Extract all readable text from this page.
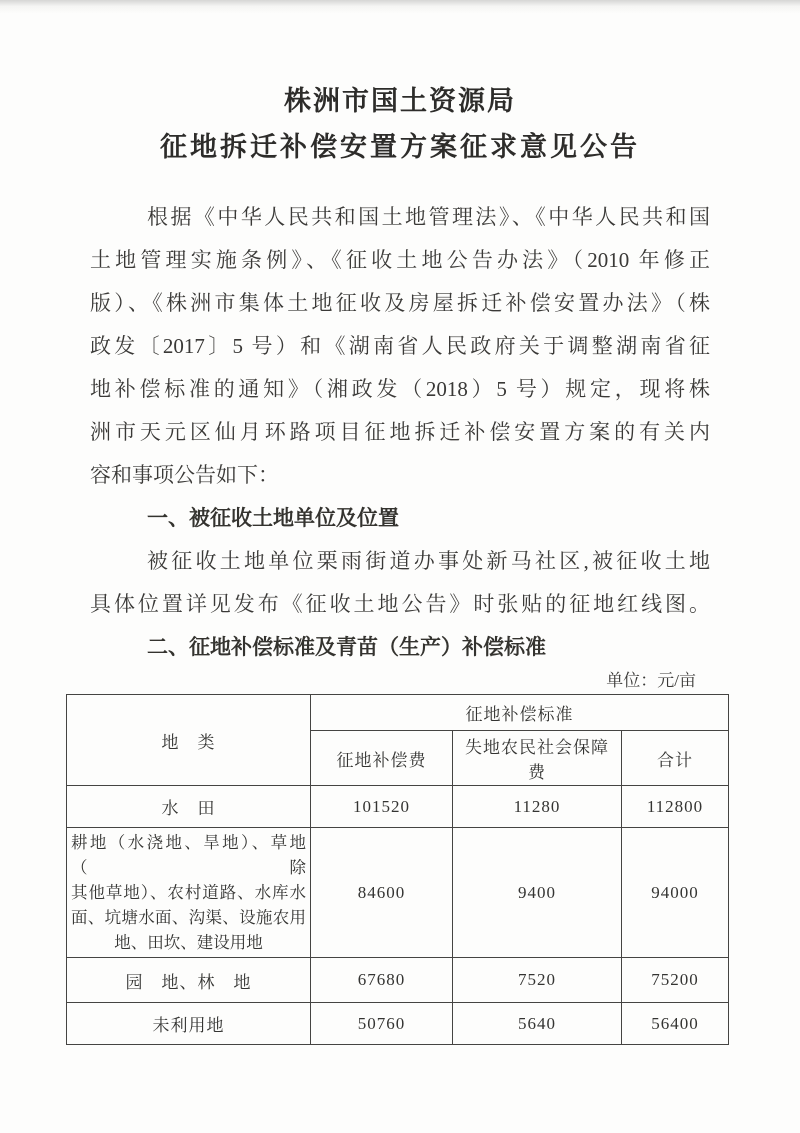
株洲市国土资源局
征地拆迁补偿安置方案征求意见公告
根据《中华人民共和国土地管理法》、《中华人民共和国
土地管理实施条例》、《征收土地公告办法》（2010 年修正
版）、《株洲市集体土地征收及房屋拆迁补偿安置办法》（株
政发〔2017〕5 号）和《湖南省人民政府关于调整湖南省征
地补偿标准的通知》（湘政发（2018）5 号）规定，现将株
洲市天元区仙月环路项目征地拆迁补偿安置方案的有关内
容和事项公告如下：
一、被征收土地单位及位置
被征收土地单位栗雨街道办事处新马社区,被征收土地
具体位置详见发布《征收土地公告》时张贴的征地红线图。
二、征地补偿标准及青苗（生产）补偿标准
单位：元/亩
地　类	征地补偿标准		
	征地补偿费	失地农民社会保障费	合计
水　田	101520	11280	112800

耕地（水浇地、旱地）、草地（除
其他草地）、农村道路、水库水
面、坑塘水面、沟渠、设施农用
地、田坎、建设用地	84600	9400	94000
园　地、林　地	67680	7520	75200
未利用地	50760	5640	56400
